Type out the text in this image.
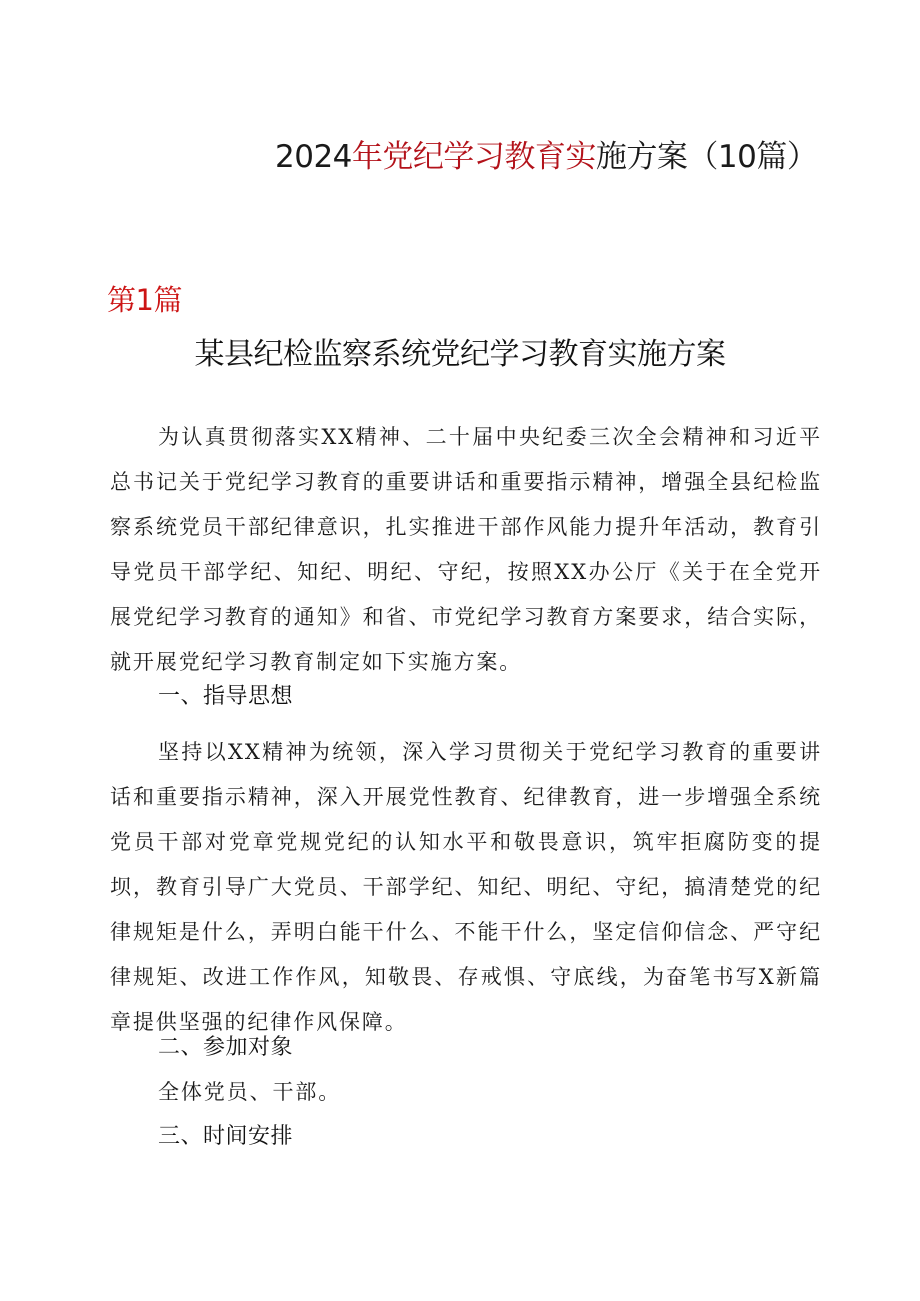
2024年党纪学习教育实施方案（10篇）
第1篇
某县纪检监察系统党纪学习教育实施方案
为认真贯彻落实XX精神、二十届中央纪委三次全会精神和习近平总书记关于党纪学习教育的重要讲话和重要指示精神，增强全县纪检监察系统党员干部纪律意识，扎实推进干部作风能力提升年活动，教育引导党员干部学纪、知纪、明纪、守纪，按照XX办公厅《关于在全党开展党纪学习教育的通知》和省、市党纪学习教育方案要求，结合实际，就开展党纪学习教育制定如下实施方案。
一、指导思想
坚持以XX精神为统领，深入学习贯彻关于党纪学习教育的重要讲话和重要指示精神，深入开展党性教育、纪律教育，进一步增强全系统党员干部对党章党规党纪的认知水平和敬畏意识，筑牢拒腐防变的提坝，教育引导广大党员、干部学纪、知纪、明纪、守纪，搞清楚党的纪律规矩是什么，弄明白能干什么、不能干什么，坚定信仰信念、严守纪律规矩、改进工作作风，知敬畏、存戒惧、守底线，为奋笔书写X新篇章提供坚强的纪律作风保障。
二、参加对象
全体党员、干部。
三、时间安排
